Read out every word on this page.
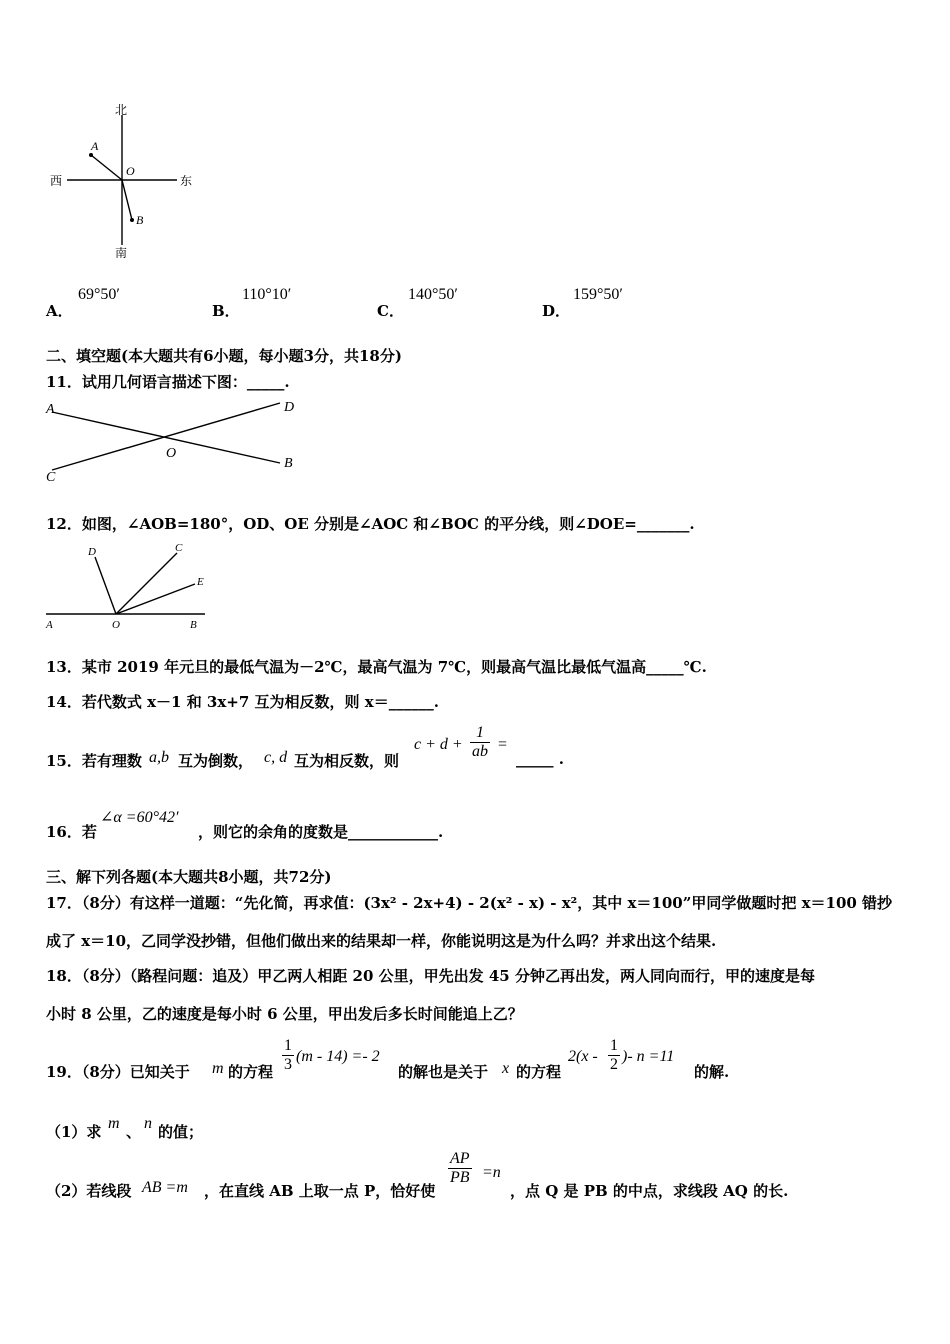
北
南
西	东
A
O
B
A．
69°50′
B．
110°10′
C．
140°50′
D．
159°50′
二、填空题(本大题共有6小题，每小题3分，共18分)
11．试用几何语言描述下图：_____.
A	D
C
O
B
12．如图，∠AOB=180°，OD、OE 分别是∠AOC 和∠BOC 的平分线，则∠DOE=_______.
D	C
E
A	O	B
13．某市 2019 年元旦的最低气温为－2℃，最高气温为 7℃，则最高气温比最低气温高_____℃.
14．若代数式 x－1 和 3x+7 互为相反数，则 x＝______.
15．若有理数 a,b 互为倒数， c, d 互为相反数，则
$c + d + \frac{1}{ab}$ =
_____ .
16．若
∠α =60°42′
，则它的余角的度数是____________.
三、解下列各题(本大题共8小题，共72分)
17．（8分）有这样一道题：“先化简，再求值：(3x² - 2x+4) - 2(x² - x) - x²，其中 x＝100”甲同学做题时把 x＝100 错抄
成了 x＝10，乙同学没抄错，但他们做出来的结果却一样，你能说明这是为什么吗？并求出这个结果.
18．（8分）（路程问题：追及）甲乙两人相距 20 公里，甲先出发 45 分钟乙再出发，两人同向而行，甲的速度是每
小时 8 公里，乙的速度是每小时 6 公里，甲出发后多长时间能追上乙？
19．（8分）已知关于 m 的方程 $\frac{1}{3} (m - 14) =- 2$
的解也是关于 x 的方程
$2(x - \frac{1}{2}$ )- n =11
的解.
（1）求 m 、 n 的值；
（2）若线段 AB =m ，在直线 AB 上取一点 P，恰好使
$\frac{AP}{PB} =n$
，点 Q 是 PB 的中点，求线段 AQ 的长.
